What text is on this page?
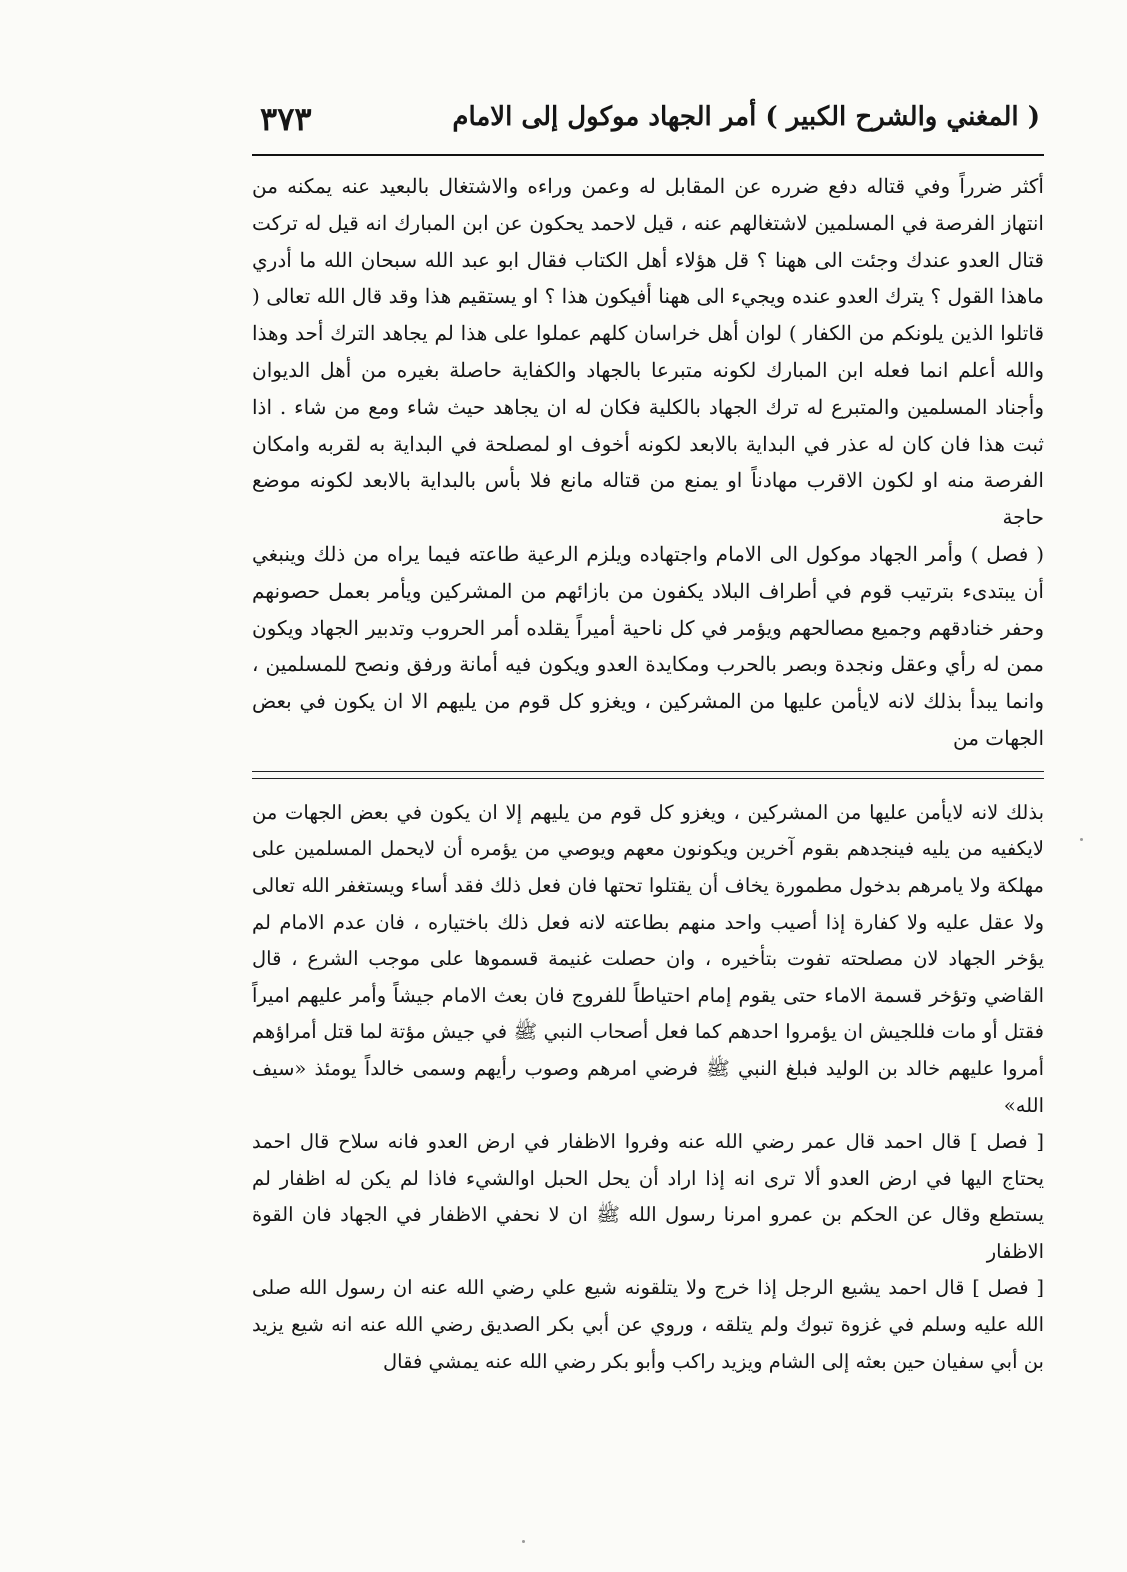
( المغني والشرح الكبير ) أمر الجهاد موكول إلى الامام
٣٧٣

أكثر ضرراً وفي قتاله دفع ضرره عن المقابل له وعمن وراءه والاشتغال بالبعيد عنه يمكنه من انتهاز الفرصة في المسلمين لاشتغالهم عنه ، قيل لاحمد يحكون عن ابن المبارك انه قيل له تركت قتال العدو عندك وجئت الى ههنا ؟ قل هؤلاء أهل الكتاب فقال ابو عبد الله سبحان الله ما أدري ماهذا القول ؟ يترك العدو عنده ويجيء الى ههنا أفيكون هذا ؟ او يستقيم هذا وقد قال الله تعالى ( قاتلوا الذين يلونكم من الكفار ) لوان أهل خراسان كلهم عملوا على هذا لم يجاهد الترك أحد وهذا والله أعلم انما فعله ابن المبارك لكونه متبرعا بالجهاد والكفاية حاصلة بغيره من أهل الديوان وأجناد المسلمين والمتبرع له ترك الجهاد بالكلية فكان له ان يجاهد حيث شاء ومع من شاء . اذا ثبت هذا فان كان له عذر في البداية بالابعد لكونه أخوف او لمصلحة في البداية به لقربه وامكان الفرصة منه او لكون الاقرب مهادناً او يمنع من قتاله مانع فلا بأس بالبداية بالابعد لكونه موضع حاجة

( فصل ) وأمر الجهاد موكول الى الامام واجتهاده ويلزم الرعية طاعته فيما يراه من ذلك وينبغي أن يبتدىء بترتيب قوم في أطراف البلاد يكفون من بازائهم من المشركين ويأمر بعمل حصونهم وحفر خنادقهم وجميع مصالحهم ويؤمر في كل ناحية أميراً يقلده أمر الحروب وتدبير الجهاد ويكون ممن له رأي وعقل ونجدة وبصر بالحرب ومكايدة العدو ويكون فيه أمانة ورفق ونصح للمسلمين ، وانما يبدأ بذلك لانه لايأمن عليها من المشركين ، ويغزو كل قوم من يليهم الا ان يكون في بعض الجهات من

بذلك لانه لايأمن عليها من المشركين ، ويغزو كل قوم من يليهم إلا ان يكون في بعض الجهات من لايكفيه من يليه فينجدهم بقوم آخرين ويكونون معهم ويوصي من يؤمره أن لايحمل المسلمين على مهلكة ولا يامرهم بدخول مطمورة يخاف أن يقتلوا تحتها فان فعل ذلك فقد أساء ويستغفر الله تعالى ولا عقل عليه ولا كفارة إذا أصيب واحد منهم بطاعته لانه فعل ذلك باختياره ، فان عدم الامام لم يؤخر الجهاد لان مصلحته تفوت بتأخيره ، وان حصلت غنيمة قسموها على موجب الشرع ، قال القاضي وتؤخر قسمة الاماء حتى يقوم إمام احتياطاً للفروج فان بعث الامام جيشاً وأمر عليهم اميراً فقتل أو مات فللجيش ان يؤمروا احدهم كما فعل أصحاب النبي ﷺ في جيش مؤتة لما قتل أمراؤهم أمروا عليهم خالد بن الوليد فبلغ النبي ﷺ فرضي امرهم وصوب رأيهم وسمى خالداً يومئذ «سيف الله»

[ فصل ] قال احمد قال عمر رضي الله عنه وفروا الاظفار في ارض العدو فانه سلاح قال احمد يحتاج اليها في ارض العدو ألا ترى انه إذا اراد أن يحل الحبل اوالشيء فاذا لم يكن له اظفار لم يستطع وقال عن الحكم بن عمرو امرنا رسول الله ﷺ ان لا نحفي الاظفار في الجهاد فان القوة الاظفار

[ فصل ] قال احمد يشيع الرجل إذا خرج ولا يتلقونه شيع علي رضي الله عنه ان رسول الله صلى الله عليه وسلم في غزوة تبوك ولم يتلقه ، وروي عن أبي بكر الصديق رضي الله عنه انه شيع يزيد بن أبي سفيان حين بعثه إلى الشام ويزيد راكب وأبو بكر رضي الله عنه يمشي فقال
